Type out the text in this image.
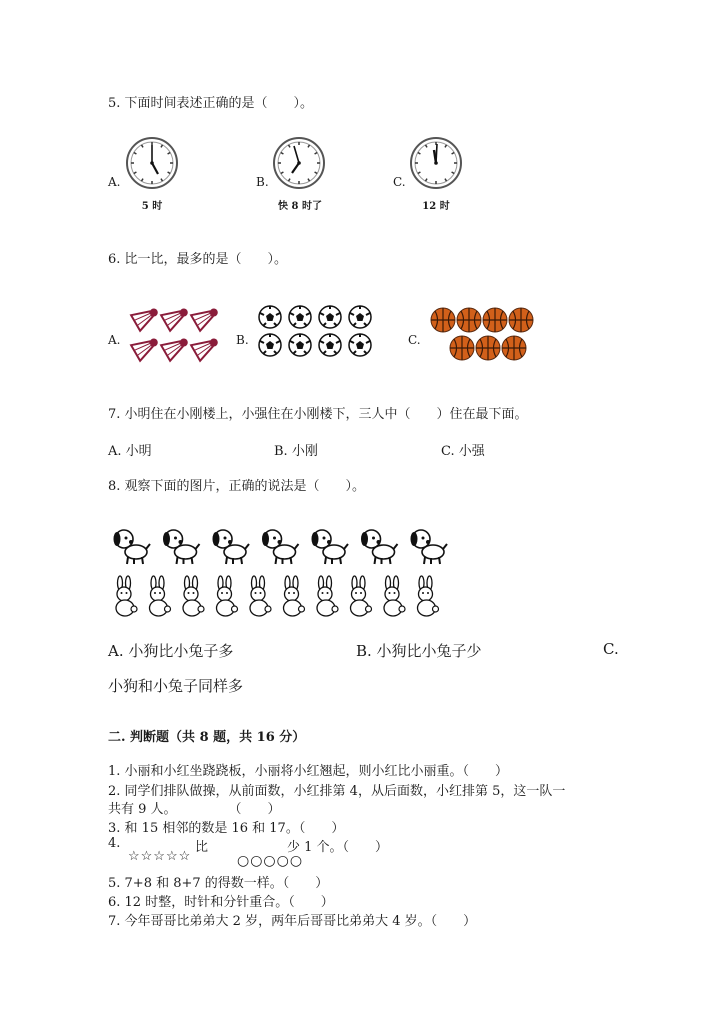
5. 下面时间表述正确的是（　　）。
A.
5 时
B.
快 8 时了
C.
12 时
6. 比一比，最多的是（　　）。
A.	B.	C.
7. 小明住在小刚楼上，小强住在小刚楼下，三人中（　　）住在最下面。
A. 小明	B. 小刚	C. 小强
8. 观察下面的图片，正确的说法是（　　）。
A. 小狗比小兔子多	B. 小狗比小兔子少	C.
小狗和小兔子同样多
二. 判断题（共 8 题，共 16 分）
1. 小丽和小红坐跷跷板，小丽将小红翘起，则小红比小丽重。（　　）
2. 同学们排队做操，从前面数，小红排第 4，从后面数，小红排第 5，这一队一
共有 9 人。　　　　　（　　）
3. 和 15 相邻的数是 16 和 17。（　　）
4.
☆☆☆☆☆
比
○○○○○
少 1 个。（　　）
5. 7+8 和 8+7 的得数一样。（　　）
6. 12 时整，时针和分针重合。（　　）
7. 今年哥哥比弟弟大 2 岁，两年后哥哥比弟弟大 4 岁。（　　）
